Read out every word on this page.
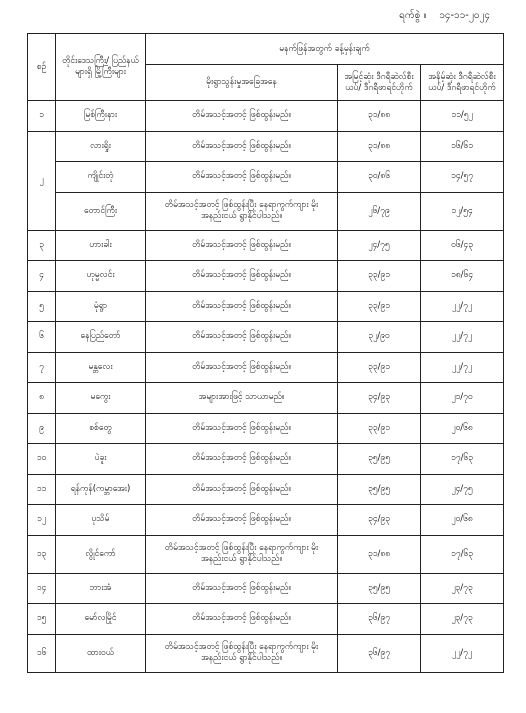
ရက်စွဲ ။ ၁၄-၁၁-၂၀၂၄
စဉ်	တိုင်းဒေသကြီး/ ပြည်နယ်များရှိ မြို့ကြီးများ	မနက်ဖြန်အတွက် ခန့်မှန်းချက်		
		မိုးရွာသွန်းမှုအခြေအနေ	အမြင့်ဆုံး ဒီဂရီဆဲလ်စီးယပ်/ ဒီဂရီဖာရင်ဟိုက်	အနိမ့်ဆုံး ဒီဂရီဆဲလ်စီးယပ်/ ဒီဂရီဖာရင်ဟိုက်
၁	မြစ်ကြီးနား	တိမ်အသင့်အတင့် ဖြစ်ထွန်းမည်။	၃၁/၈၈	၁၁/၅၂
၂	လားရှိုး	တိမ်အသင့်အတင့် ဖြစ်ထွန်းမည်။	၃၁/၈၈	၁၆/၆၁
	ကျိုင်းတုံ	တိမ်အသင့်အတင့် ဖြစ်ထွန်းမည်။	၃၀/၈၆	၁၄/၅၇
	တောင်ကြီး	တိမ်အသင့်အတင့် ဖြစ်ထွန်းပြီး နေရာကွက်ကျား မိုးအနည်းငယ် ရွာနိုင်ပါသည်။	၂၆/၇၉	၁၂/၅၄
၃	ဟားခါး	တိမ်အသင့်အတင့် ဖြစ်ထွန်းမည်။	၂၄/၇၅	၀၆/၄၃
၄	ဟုမ္မလင်း	တိမ်အသင့်အတင့် ဖြစ်ထွန်းမည်။	၃၃/၉၁	၁၈/၆၄
၅	မုံရွာ	တိမ်အသင့်အတင့် ဖြစ်ထွန်းမည်။	၃၃/၉၁	၂၂/၇၂
၆	နေပြည်တော်	တိမ်အသင့်အတင့် ဖြစ်ထွန်းမည်။	၃၂/၉၀	၂၂/၇၂
၇	မန္တလေး	တိမ်အသင့်အတင့် ဖြစ်ထွန်းမည်။	၃၃/၉၁	၂၂/၇၂
၈	မကွေး	အများအားဖြင့် သာယာမည်။	၃၄/၉၃	၂၁/၇၀
၉	စစ်တွေ	တိမ်အသင့်အတင့် ဖြစ်ထွန်းမည်။	၃၃/၉၁	၂၀/၆၈
၁၀	ပဲခူး	တိမ်အသင့်အတင့် ဖြစ်ထွန်းမည်။	၃၅/၉၅	၁၇/၆၃
၁၁	ရန်ကုန်(ကမ္ဘာအေး)	တိမ်အသင့်အတင့် ဖြစ်ထွန်းမည်။	၃၅/၉၅	၂၄/၇၅
၁၂	ပုသိမ်	တိမ်အသင့်အတင့် ဖြစ်ထွန်းမည်။	၃၄/၉၃	၂၀/၆၈
၁၃	လွိုင်ကော်	တိမ်အသင့်အတင့် ဖြစ်ထွန်းပြီး နေရာကွက်ကျား မိုးအနည်းငယ် ရွာနိုင်ပါသည်။	၃၁/၈၈	၁၇/၆၃
၁၄	ဘားအံ	တိမ်အသင့်အတင့် ဖြစ်ထွန်းမည်။	၃၅/၉၅	၂၃/၇၃
၁၅	မော်လမြိုင်	တိမ်အသင့်အတင့် ဖြစ်ထွန်းမည်။	၃၆/၉၇	၂၃/၇၃
၁၆	ထားဝယ်	တိမ်အသင့်အတင့် ဖြစ်ထွန်းပြီး နေရာကွက်ကျား မိုးအနည်းငယ် ရွာနိုင်ပါသည်။	၃၆/၉၇	၂၂/၇၂
